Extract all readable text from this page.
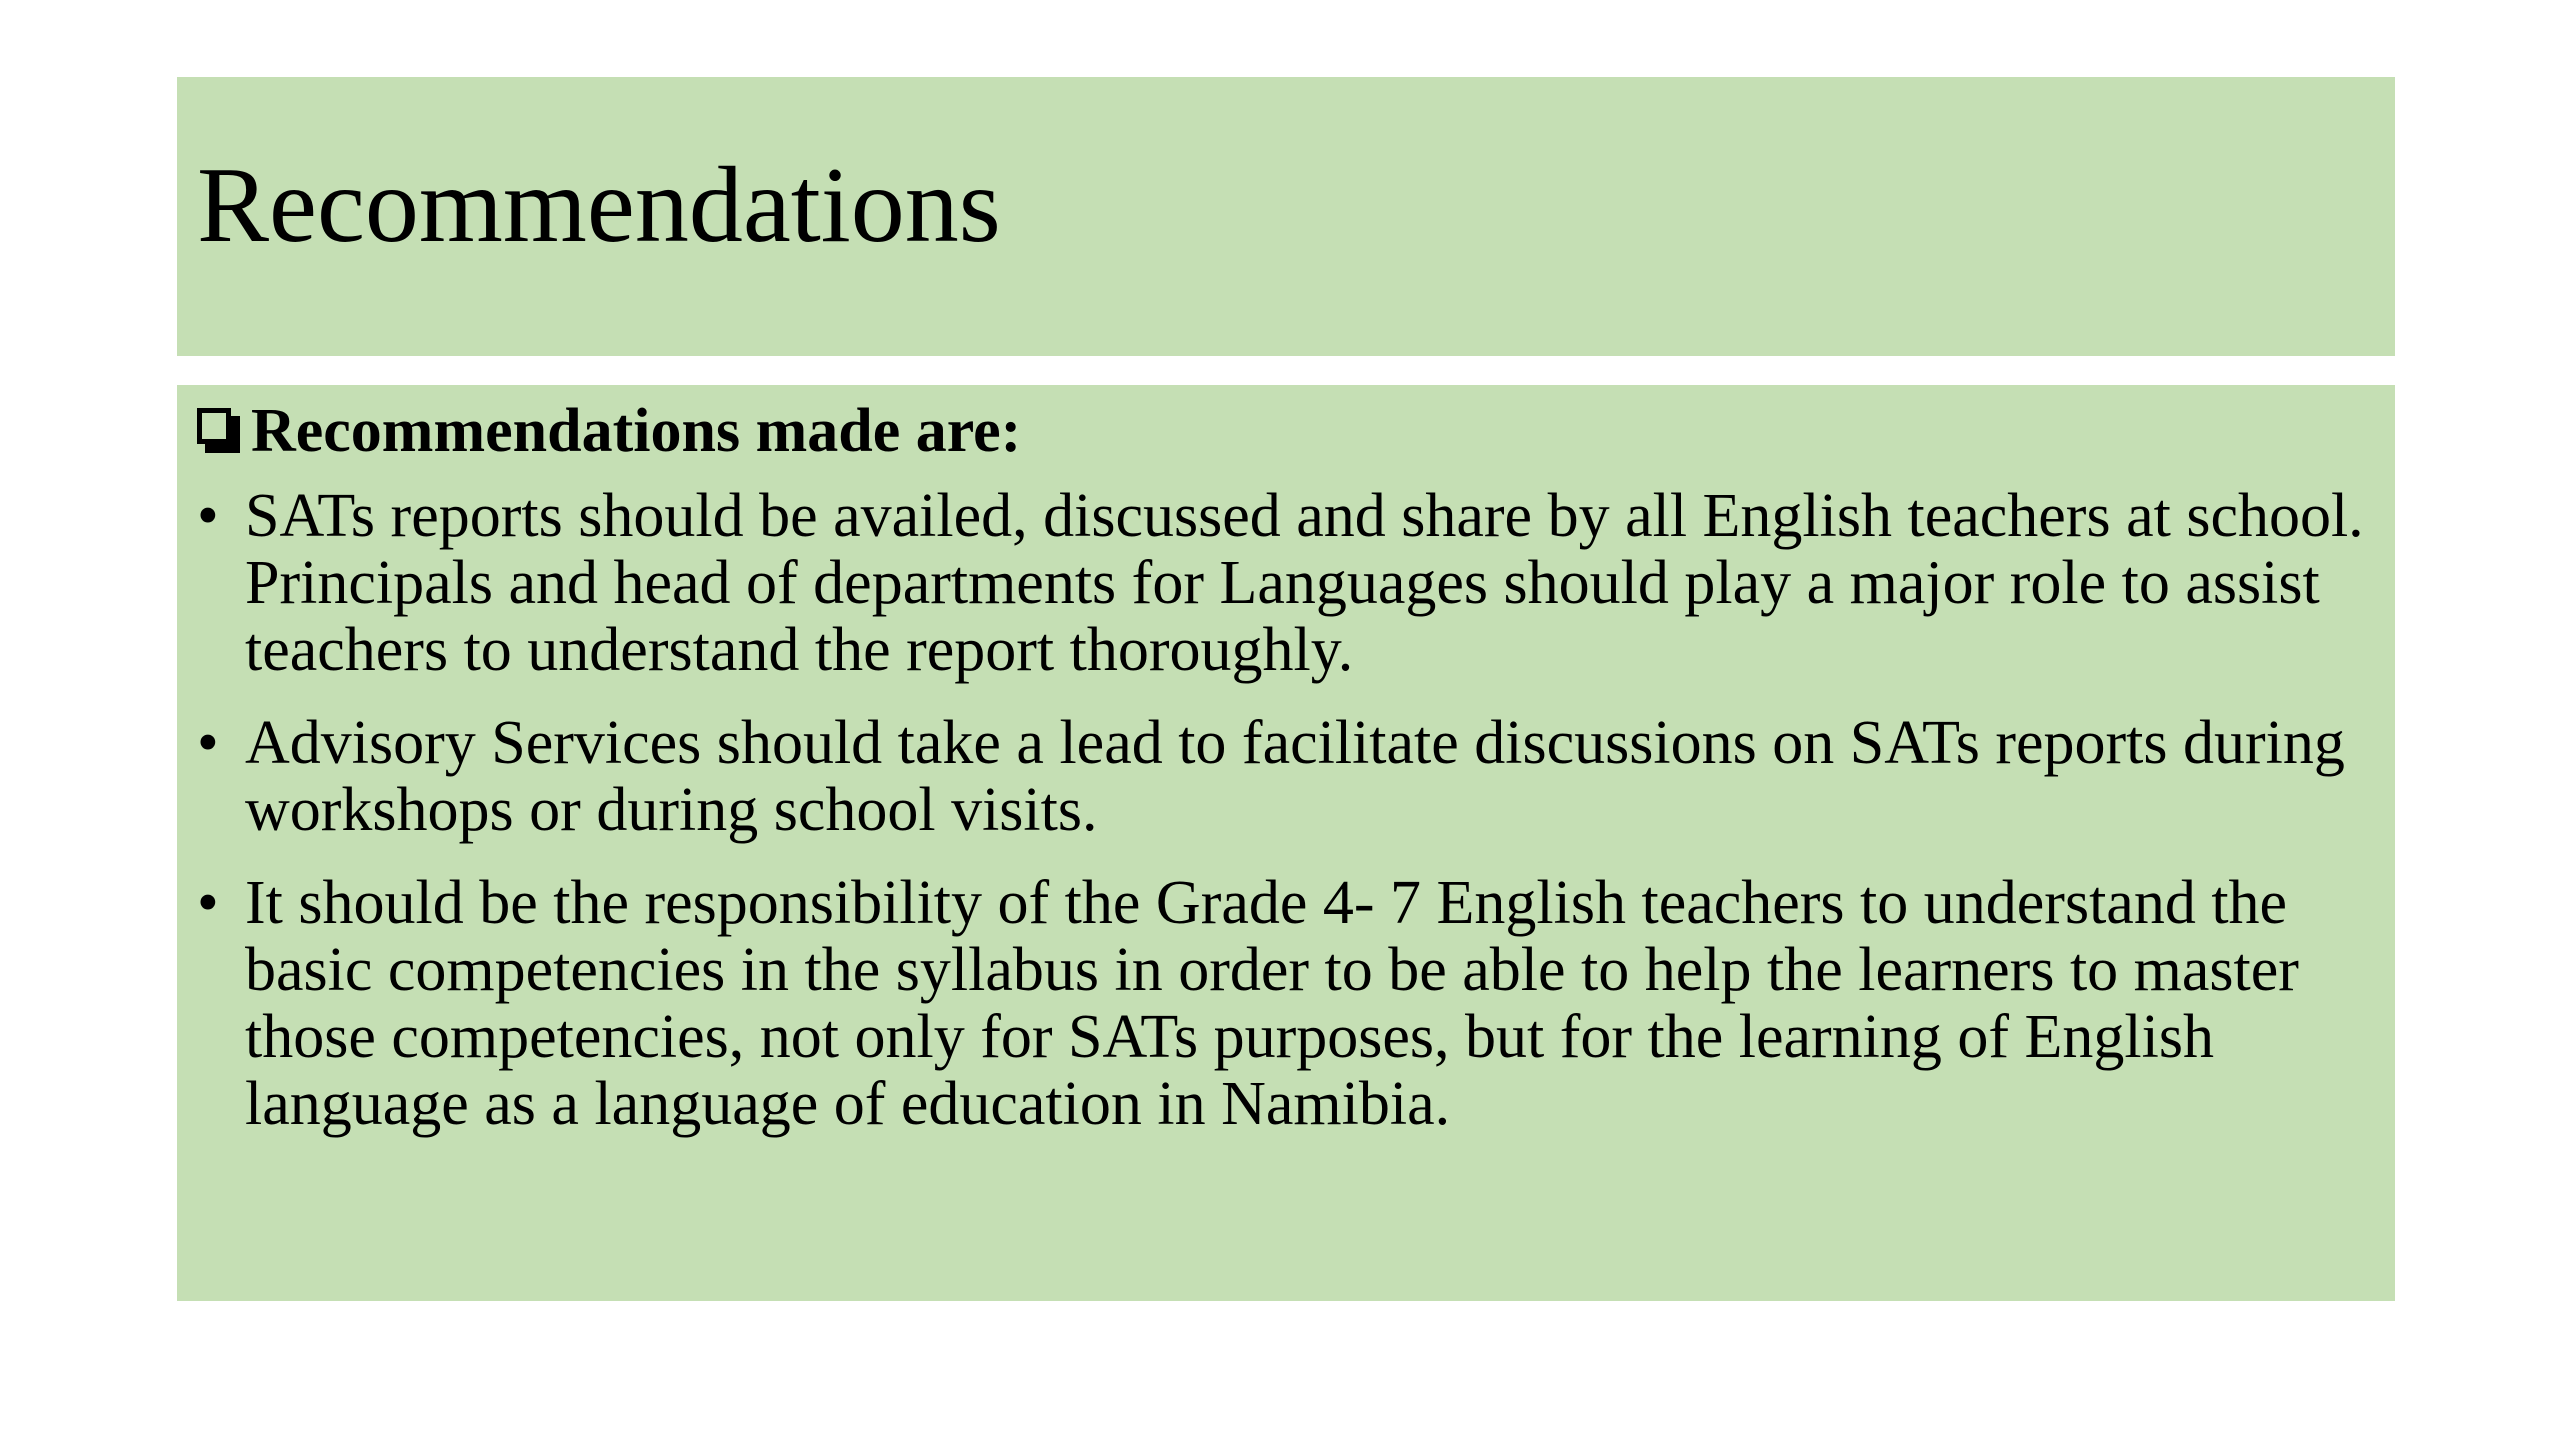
Recommendations
Recommendations made are:
• SATs reports should be availed, discussed and share by all English teachers at school. Principals and head of departments for Languages should play a major role to assist teachers to understand the report thoroughly.
• Advisory Services should take a lead to facilitate discussions on SATs reports during workshops or during school visits.
• It should be the responsibility of the Grade 4- 7 English teachers to understand the basic competencies in the syllabus in order to be able to help the learners to master those competencies, not only for SATs purposes, but for the learning of English language as a language of education in Namibia.
